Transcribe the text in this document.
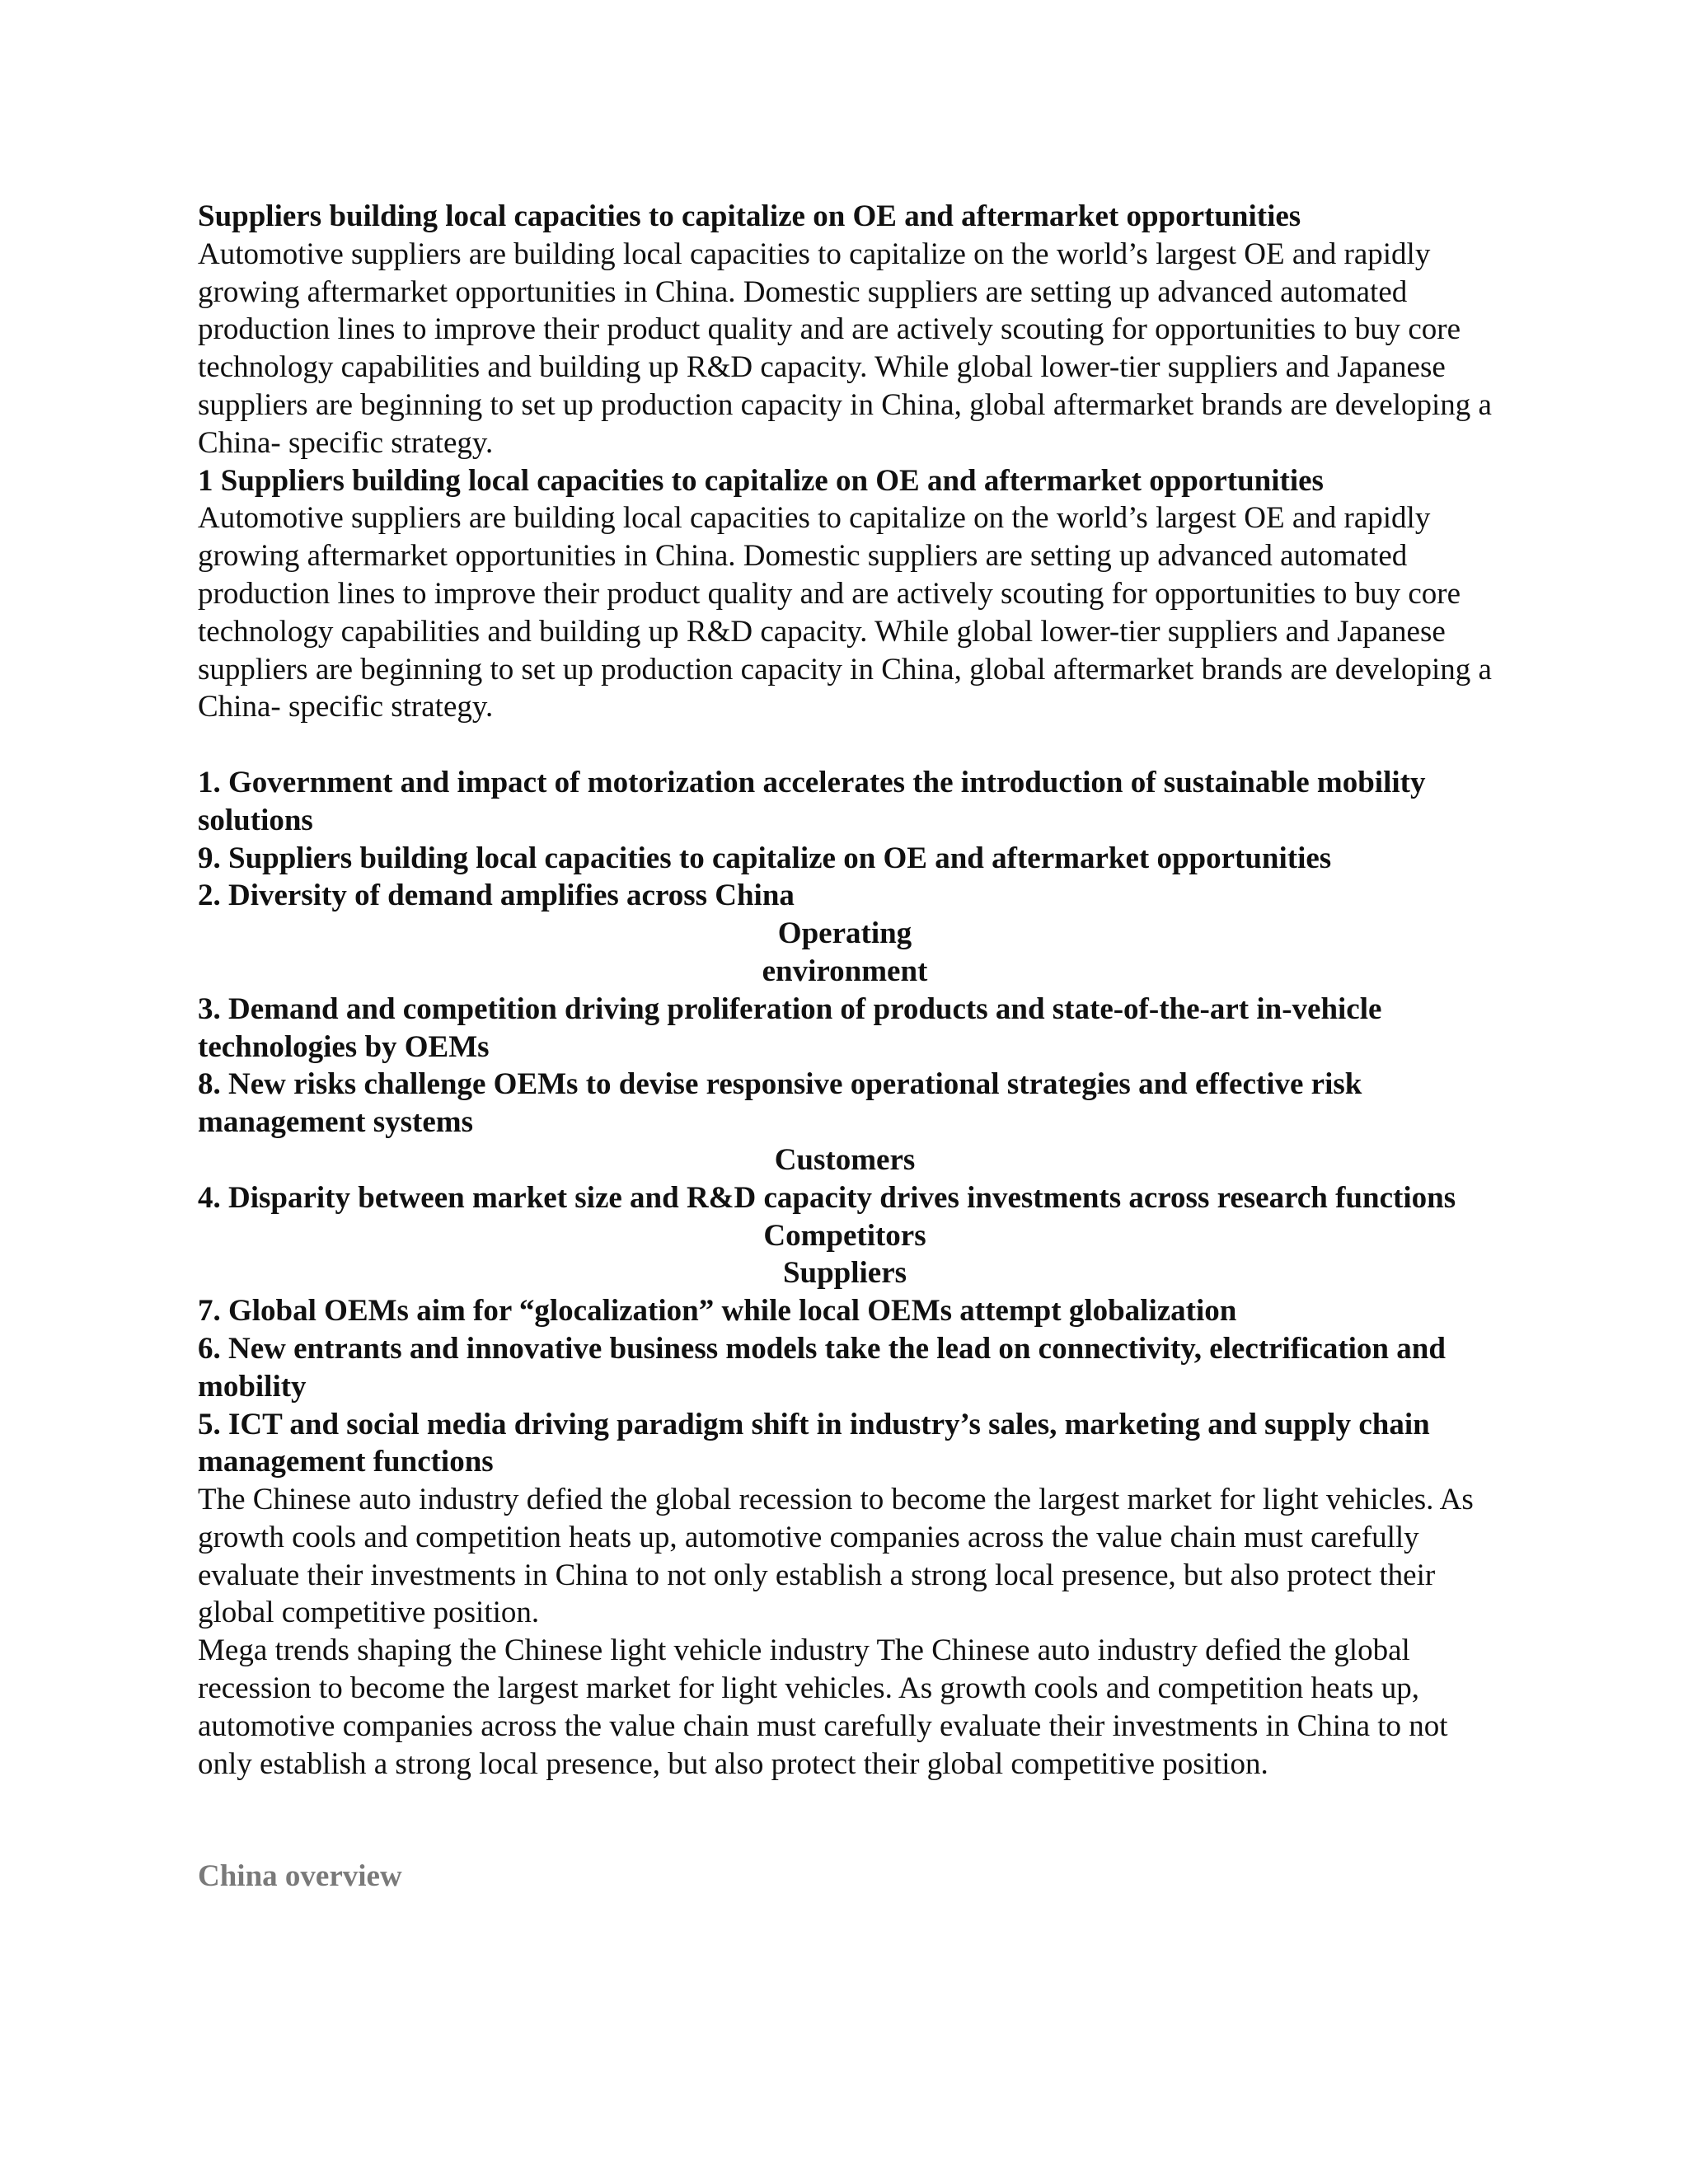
Suppliers building local capacities to capitalize on OE and aftermarket opportunities

Automotive suppliers are building local capacities to capitalize on the world’s largest OE and rapidly growing aftermarket opportunities in China. Domestic suppliers are setting up advanced automated production lines to improve their product quality and are actively scouting for opportunities to buy core technology capabilities and building up R&D capacity. While global lower-tier suppliers and Japanese suppliers are beginning to set up production capacity in China, global aftermarket brands are developing a China- specific strategy.

1 Suppliers building local capacities to capitalize on OE and aftermarket opportunities

Automotive suppliers are building local capacities to capitalize on the world’s largest OE and rapidly growing aftermarket opportunities in China. Domestic suppliers are setting up advanced automated production lines to improve their product quality and are actively scouting for opportunities to buy core technology capabilities and building up R&D capacity. While global lower-tier suppliers and Japanese suppliers are beginning to set up production capacity in China, global aftermarket brands are developing a China- specific strategy.

1. Government and impact of motorization accelerates the introduction of sustainable mobility solutions

9. Suppliers building local capacities to capitalize on OE and aftermarket opportunities

2. Diversity of demand amplifies across China

Operating

environment

3. Demand and competition driving proliferation of products and state-of-the-art in-vehicle technologies by OEMs

8. New risks challenge OEMs to devise responsive operational strategies and effective risk management systems

Customers

4. Disparity between market size and R&D capacity drives investments across research functions

Competitors

Suppliers

7. Global OEMs aim for “glocalization” while local OEMs attempt globalization

6. New entrants and innovative business models take the lead on connectivity, electrification and mobility

5. ICT and social media driving paradigm shift in industry’s sales, marketing and supply chain management functions

The Chinese auto industry defied the global recession to become the largest market for light vehicles. As growth cools and competition heats up, automotive companies across the value chain must carefully evaluate their investments in China to not only establish a strong local presence, but also protect their global competitive position.

Mega trends shaping the Chinese light vehicle industry The Chinese auto industry defied the global recession to become the largest market for light vehicles. As growth cools and competition heats up, automotive companies across the value chain must carefully evaluate their investments in China to not only establish a strong local presence, but also protect their global competitive position.

China overview
